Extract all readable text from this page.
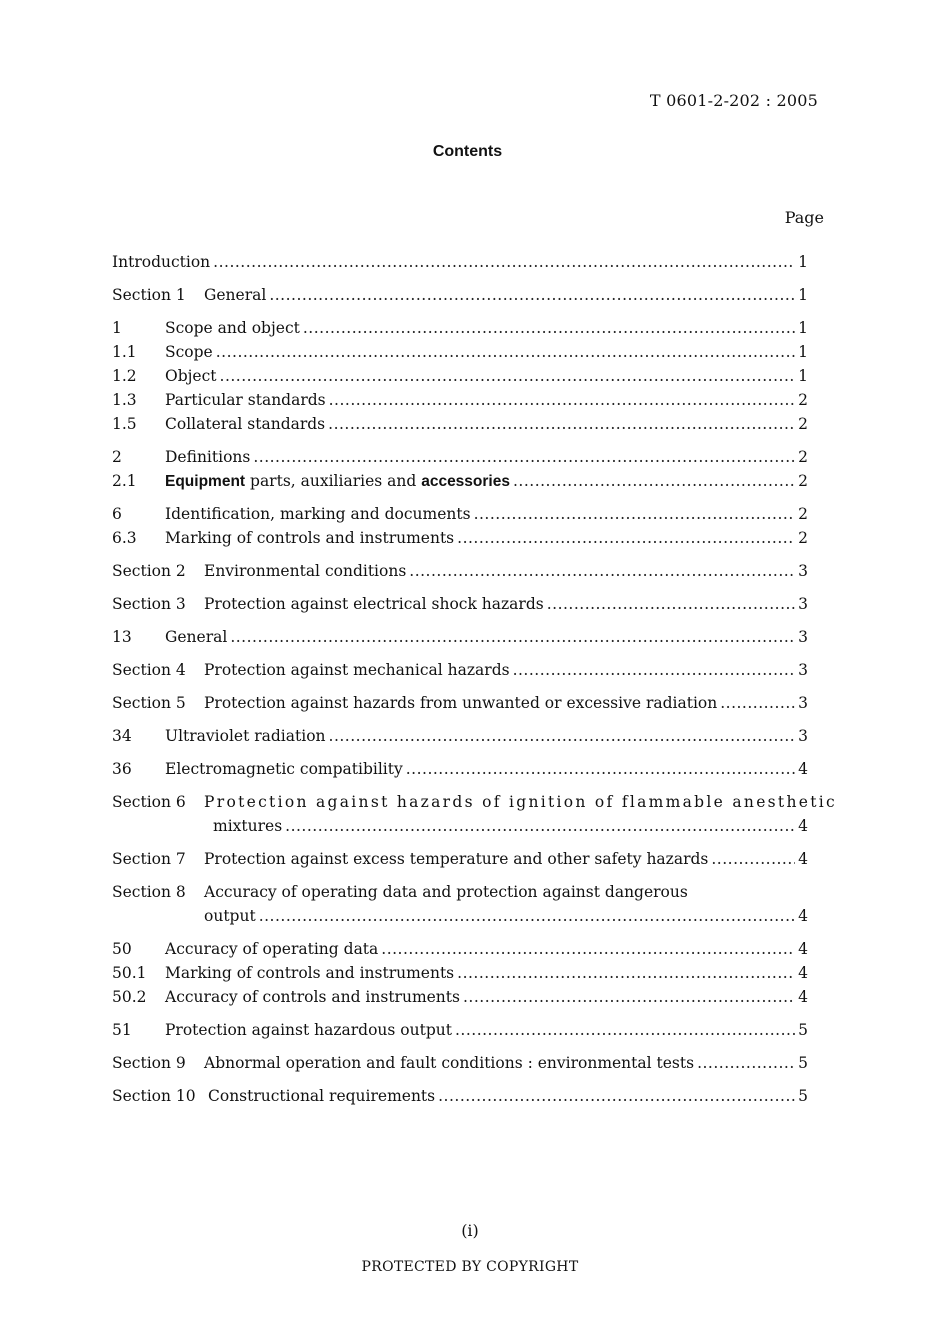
T 0601-2-202 : 2005
Contents
Page
Introduction .....	1
Section 1	General .....	1
1	Scope and object .....	1
1.1	Scope .....	1
1.2	Object .....	1
1.3	Particular standards .....	2
1.5	Collateral standards .....	2
2	Definitions .....	2
2.1	Equipment parts, auxiliaries and accessories .....	2
6	Identification, marking and documents .....	2
6.3	Marking of controls and instruments .....	2
Section 2	Environmental conditions .....	3
Section 3	Protection against electrical shock hazards .....	3
13	General .....	3
Section 4	Protection against mechanical hazards .....	3
Section 5	Protection against hazards from unwanted or excessive radiation .....	3
34	Ultraviolet radiation .....	3
36	Electromagnetic compatibility .....	4
Section 6	Protection against hazards of ignition of flammable anesthetic
mixtures .....	4
Section 7	Protection against excess temperature and other safety hazards .....	4
Section 8	Accuracy of operating data and protection against dangerous
output .....	4
50	Accuracy of operating data .....	4
50.1	Marking of controls and instruments .....	4
50.2	Accuracy of controls and instruments .....	4
51	Protection against hazardous output .....	5
Section 9	Abnormal operation and fault conditions : environmental tests .....	5
Section 10 Constructional requirements .....	5
(i)
PROTECTED BY COPYRIGHT
